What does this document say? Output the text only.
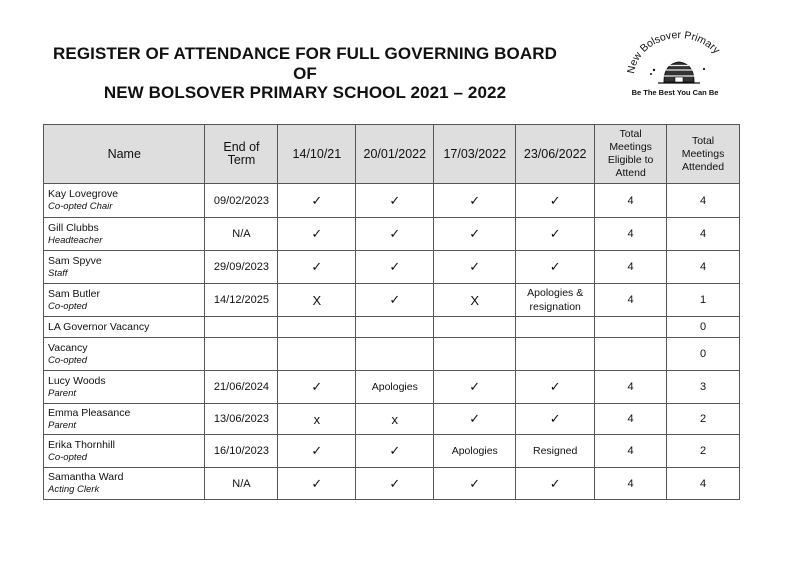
REGISTER OF ATTENDANCE FOR FULL GOVERNING BOARD OF
NEW BOLSOVER PRIMARY SCHOOL 2021 – 2022
New Bolsover Primary
Be The Best You Can Be
Name	End of
Term	14/10/21	20/01/2022	17/03/2022	23/06/2022	Total
Meetings
Eligible to
Attend	Total
Meetings
Attended

Kay Lovegrove
Co-opted Chair	09/02/2023	✓	✓	✓	✓	4	4

Gill Clubbs
Headteacher	N/A	✓	✓	✓	✓	4	4

Sam Spyve
Staff	29/09/2023	✓	✓	✓	✓	4	4

Sam Butler
Co-opted	14/12/2025	X	✓	X	Apologies &
resignation	4	1

LA Governor Vacancy							0

Vacancy
Co-opted							0

Lucy Woods
Parent	21/06/2024	✓	Apologies	✓	✓	4	3

Emma Pleasance
Parent	13/06/2023	x	x	✓	✓	4	2

Erika Thornhill
Co-opted	16/10/2023	✓	✓	Apologies	Resigned	4	2

Samantha Ward
Acting Clerk	N/A	✓	✓	✓	✓	4	4
